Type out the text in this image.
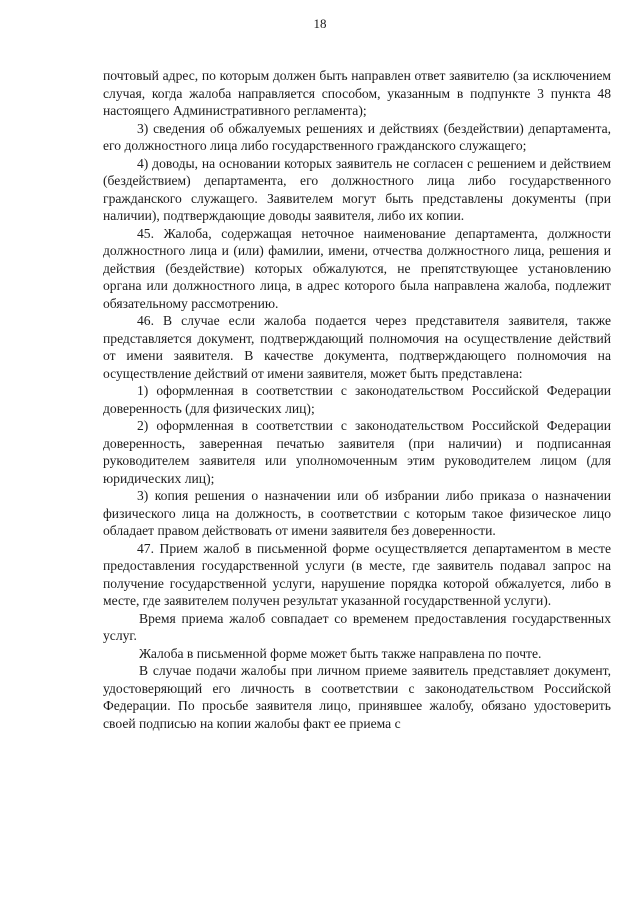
18

почтовый адрес, по которым должен быть направлен ответ заявителю (за исключением случая, когда жалоба направляется способом, указанным в подпункте 3 пункта 48 настоящего Административного регламента);

3) сведения об обжалуемых решениях и действиях (бездействии) департамента, его должностного лица либо государственного гражданского служащего;

4) доводы, на основании которых заявитель не согласен с решением и действием (бездействием) департамента, его должностного лица либо государственного гражданского служащего. Заявителем могут быть представлены документы (при наличии), подтверждающие доводы заявителя, либо их копии.

45. Жалоба, содержащая неточное наименование департамента, должности должностного лица и (или) фамилии, имени, отчества должностного лица, решения и действия (бездействие) которых обжалуются, не препятствующее установлению органа или должностного лица, в адрес которого была направлена жалоба, подлежит обязательному рассмотрению.

46. В случае если жалоба подается через представителя заявителя, также представляется документ, подтверждающий полномочия на осуществление действий от имени заявителя. В качестве документа, подтверждающего полномочия на осуществление действий от имени заявителя, может быть представлена:

1) оформленная в соответствии с законодательством Российской Федерации доверенность (для физических лиц);

2) оформленная в соответствии с законодательством Российской Федерации доверенность, заверенная печатью заявителя (при наличии) и подписанная руководителем заявителя или уполномоченным этим руководителем лицом (для юридических лиц);

3) копия решения о назначении или об избрании либо приказа о назначении физического лица на должность, в соответствии с которым такое физическое лицо обладает правом действовать от имени заявителя без доверенности.

47. Прием жалоб в письменной форме осуществляется департаментом в месте предоставления государственной услуги (в месте, где заявитель подавал запрос на получение государственной услуги, нарушение порядка которой обжалуется, либо в месте, где заявителем получен результат указанной государственной услуги).

Время приема жалоб совпадает со временем предоставления государственных услуг.

Жалоба в письменной форме может быть также направлена по почте.

В случае подачи жалобы при личном приеме заявитель представляет документ, удостоверяющий его личность в соответствии с законодательством Российской Федерации. По просьбе заявителя лицо, принявшее жалобу, обязано удостоверить своей подписью на копии жалобы факт ее приема с
